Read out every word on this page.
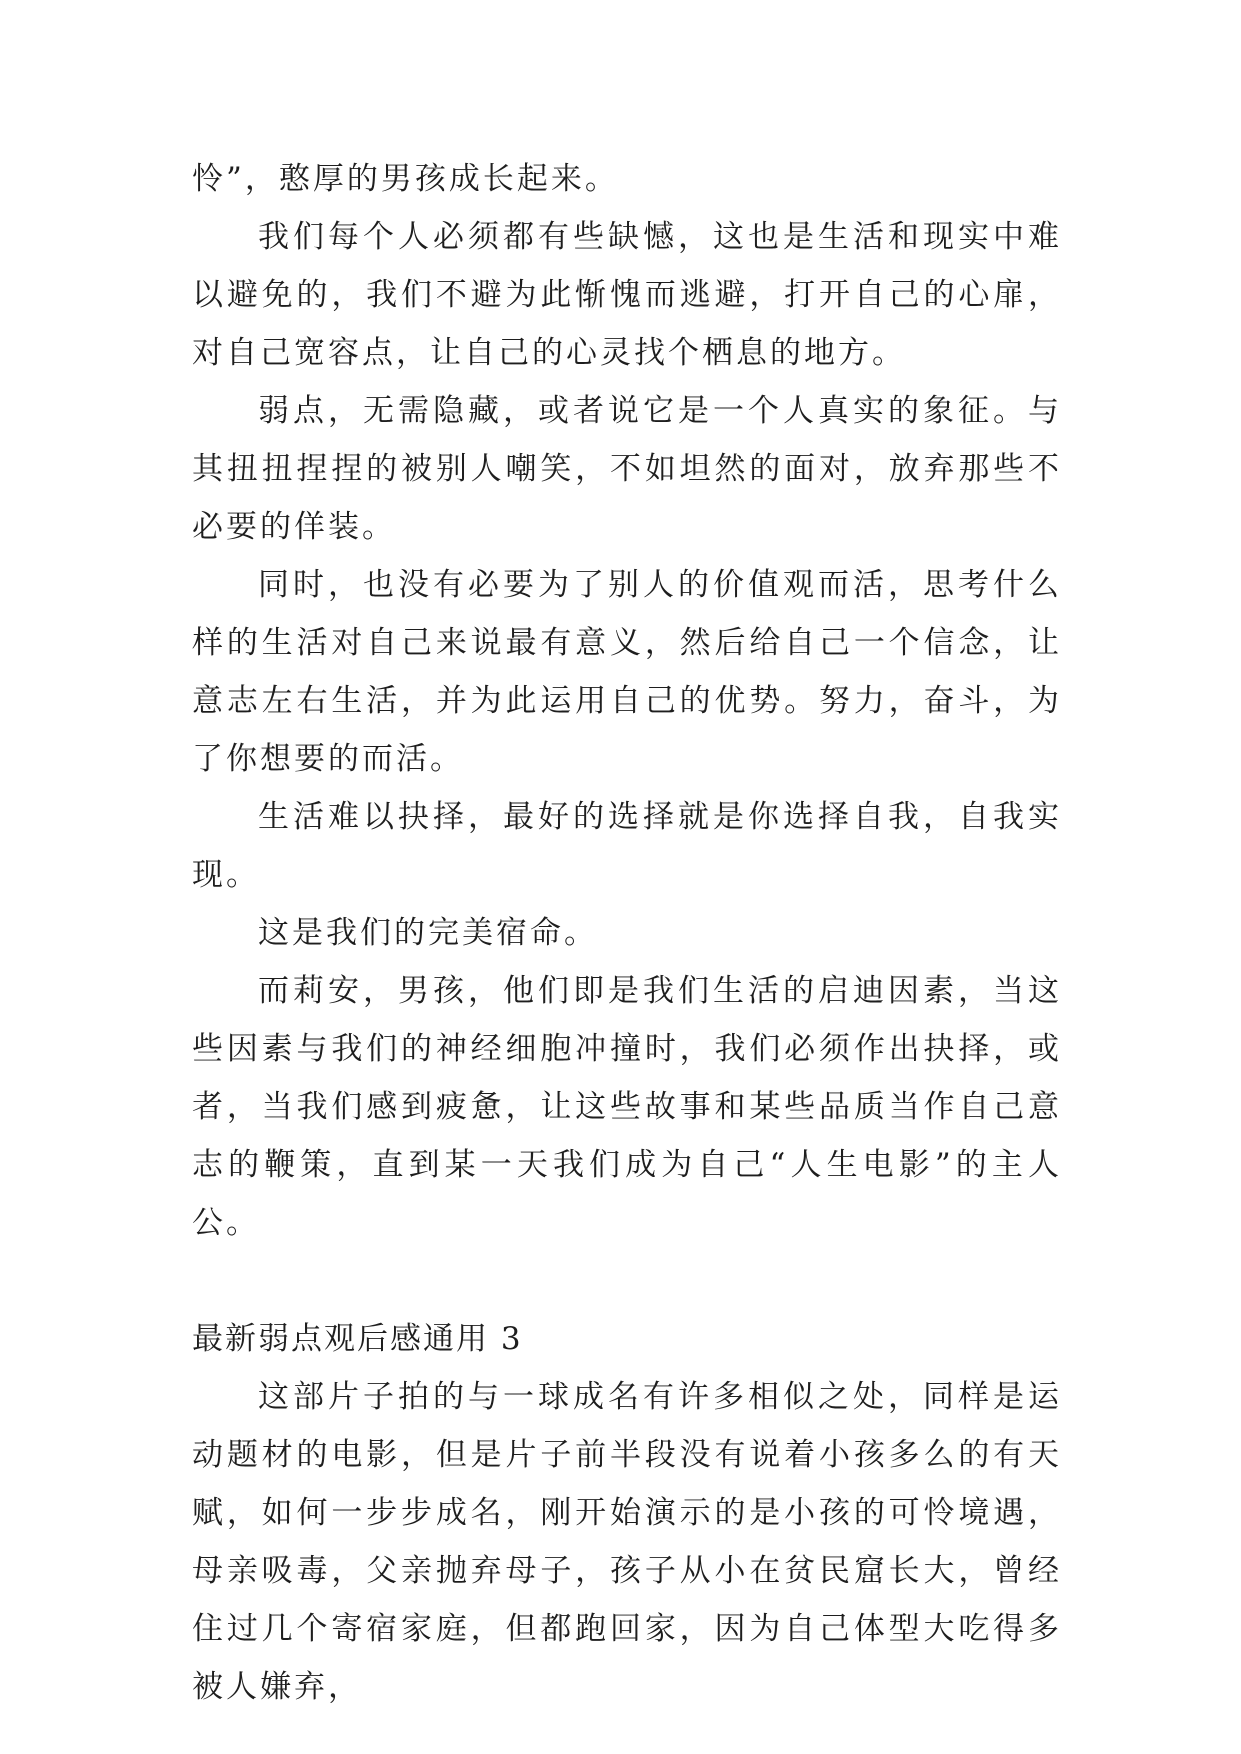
怜”，憨厚的男孩成长起来。

我们每个人必须都有些缺憾，这也是生活和现实中难以避免的，我们不避为此惭愧而逃避，打开自己的心扉，对自己宽容点，让自己的心灵找个栖息的地方。

弱点，无需隐藏，或者说它是一个人真实的象征。与其扭扭捏捏的被别人嘲笑，不如坦然的面对，放弃那些不必要的佯装。

同时，也没有必要为了别人的价值观而活，思考什么样的生活对自己来说最有意义，然后给自己一个信念，让意志左右生活，并为此运用自己的优势。努力，奋斗，为了你想要的而活。

生活难以抉择，最好的选择就是你选择自我，自我实现。

这是我们的完美宿命。

而莉安，男孩，他们即是我们生活的启迪因素，当这些因素与我们的神经细胞冲撞时，我们必须作出抉择，或者，当我们感到疲惫，让这些故事和某些品质当作自己意志的鞭策，直到某一天我们成为自己“人生电影”的主人公。

最新弱点观后感通用 3

这部片子拍的与一球成名有许多相似之处，同样是运动题材的电影，但是片子前半段没有说着小孩多么的有天赋，如何一步步成名，刚开始演示的是小孩的可怜境遇，母亲吸毒，父亲抛弃母子，孩子从小在贫民窟长大，曾经住过几个寄宿家庭，但都跑回家，因为自己体型大吃得多被人嫌弃，
